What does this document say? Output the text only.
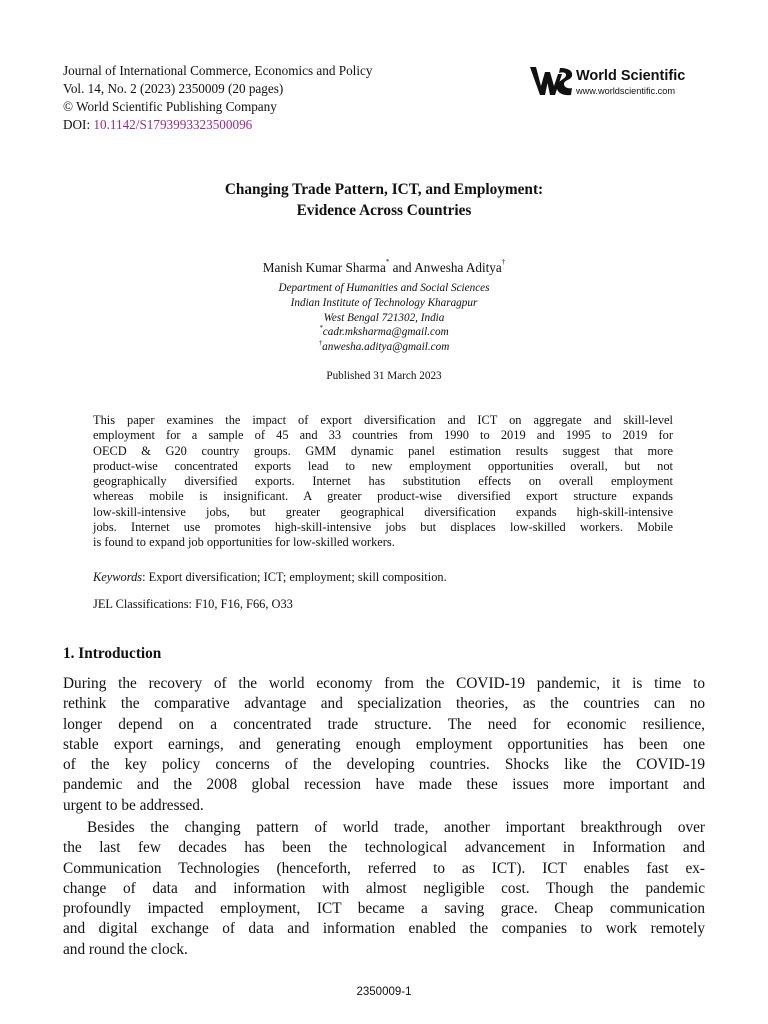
Journal of International Commerce, Economics and Policy
Vol. 14, No. 2 (2023) 2350009 (20 pages)
© World Scientific Publishing Company
DOI: 10.1142/S1793993323500096
World Scientific
www.worldscientific.com
Changing Trade Pattern, ICT, and Employment:
Evidence Across Countries
Manish Kumar Sharma* and Anwesha Aditya†
Department of Humanities and Social Sciences
Indian Institute of Technology Kharagpur
West Bengal 721302, India
*cadr.mksharma@gmail.com
†anwesha.aditya@gmail.com
Published 31 March 2023
This paper examines the impact of export diversification and ICT on aggregate and skill-level
employment for a sample of 45 and 33 countries from 1990 to 2019 and 1995 to 2019 for
OECD & G20 country groups. GMM dynamic panel estimation results suggest that more
product-wise concentrated exports lead to new employment opportunities overall, but not
geographically diversified exports. Internet has substitution effects on overall employment
whereas mobile is insignificant. A greater product-wise diversified export structure expands
low-skill-intensive jobs, but greater geographical diversification expands high-skill-intensive
jobs. Internet use promotes high-skill-intensive jobs but displaces low-skilled workers. Mobile
is found to expand job opportunities for low-skilled workers.
Keywords: Export diversification; ICT; employment; skill composition.
JEL Classifications: F10, F16, F66, O33
1. Introduction
During the recovery of the world economy from the COVID-19 pandemic, it is time to
rethink the comparative advantage and specialization theories, as the countries can no
longer depend on a concentrated trade structure. The need for economic resilience,
stable export earnings, and generating enough employment opportunities has been one
of the key policy concerns of the developing countries. Shocks like the COVID-19
pandemic and the 2008 global recession have made these issues more important and
urgent to be addressed.
Besides the changing pattern of world trade, another important breakthrough over
the last few decades has been the technological advancement in Information and
Communication Technologies (henceforth, referred to as ICT). ICT enables fast ex-
change of data and information with almost negligible cost. Though the pandemic
profoundly impacted employment, ICT became a saving grace. Cheap communication
and digital exchange of data and information enabled the companies to work remotely
and round the clock.
2350009-1
